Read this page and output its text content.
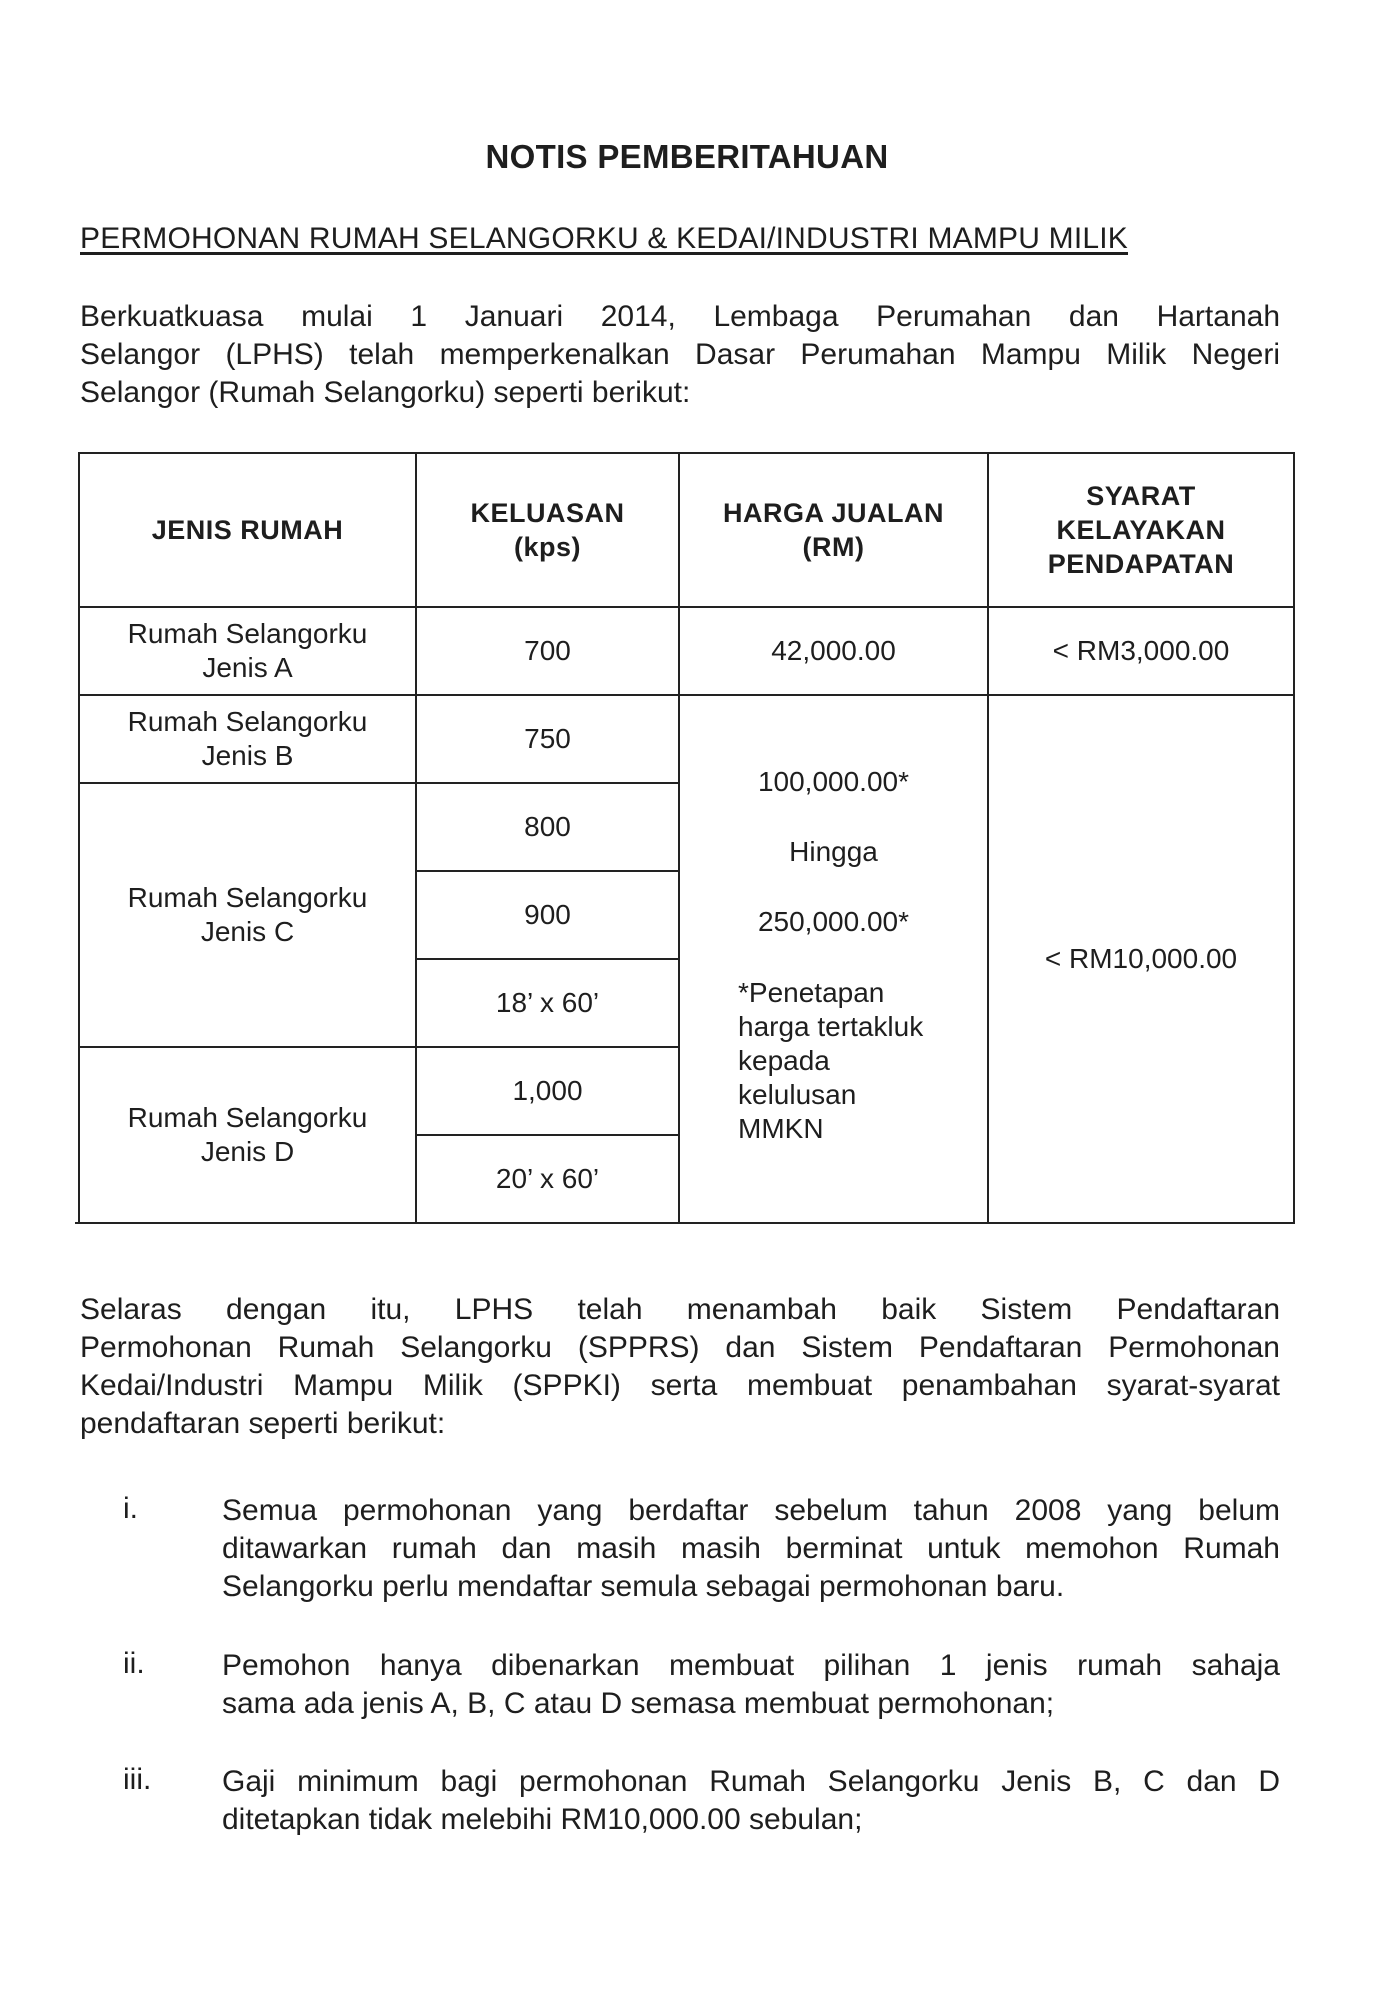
NOTIS PEMBERITAHUAN
PERMOHONAN RUMAH SELANGORKU & KEDAI/INDUSTRI MAMPU MILIK
Berkuatkuasa mulai 1 Januari 2014, Lembaga Perumahan dan Hartanah
Selangor (LPHS) telah memperkenalkan Dasar Perumahan Mampu Milik Negeri
Selangor (Rumah Selangorku) seperti berikut:
JENIS RUMAH
KELUASAN
(kps)
HARGA JUALAN
(RM)
SYARAT
KELAYAKAN
PENDAPATAN
Rumah Selangorku
Jenis A
Rumah Selangorku
Jenis B
Rumah Selangorku
Jenis C
Rumah Selangorku
Jenis D
700
750
800
900
18’ x 60’
1,000
20’ x 60’
42,000.00
100,000.00*
Hingga
250,000.00*
*Penetapan
harga tertakluk
kepada
kelulusan
MMKN
< RM3,000.00
< RM10,000.00
Selaras dengan itu, LPHS telah menambah baik Sistem Pendaftaran
Permohonan Rumah Selangorku (SPPRS) dan Sistem Pendaftaran Permohonan
Kedai/Industri Mampu Milik (SPPKI) serta membuat penambahan syarat-syarat
pendaftaran seperti berikut:
i.	Semua permohonan yang berdaftar sebelum tahun 2008 yang belum
ditawarkan rumah dan masih masih berminat untuk memohon Rumah
Selangorku perlu mendaftar semula sebagai permohonan baru.
ii.	Pemohon hanya dibenarkan membuat pilihan 1 jenis rumah sahaja
sama ada jenis A, B, C atau D semasa membuat permohonan;
iii. Gaji minimum bagi permohonan Rumah Selangorku Jenis B, C dan D
ditetapkan tidak melebihi RM10,000.00 sebulan;
